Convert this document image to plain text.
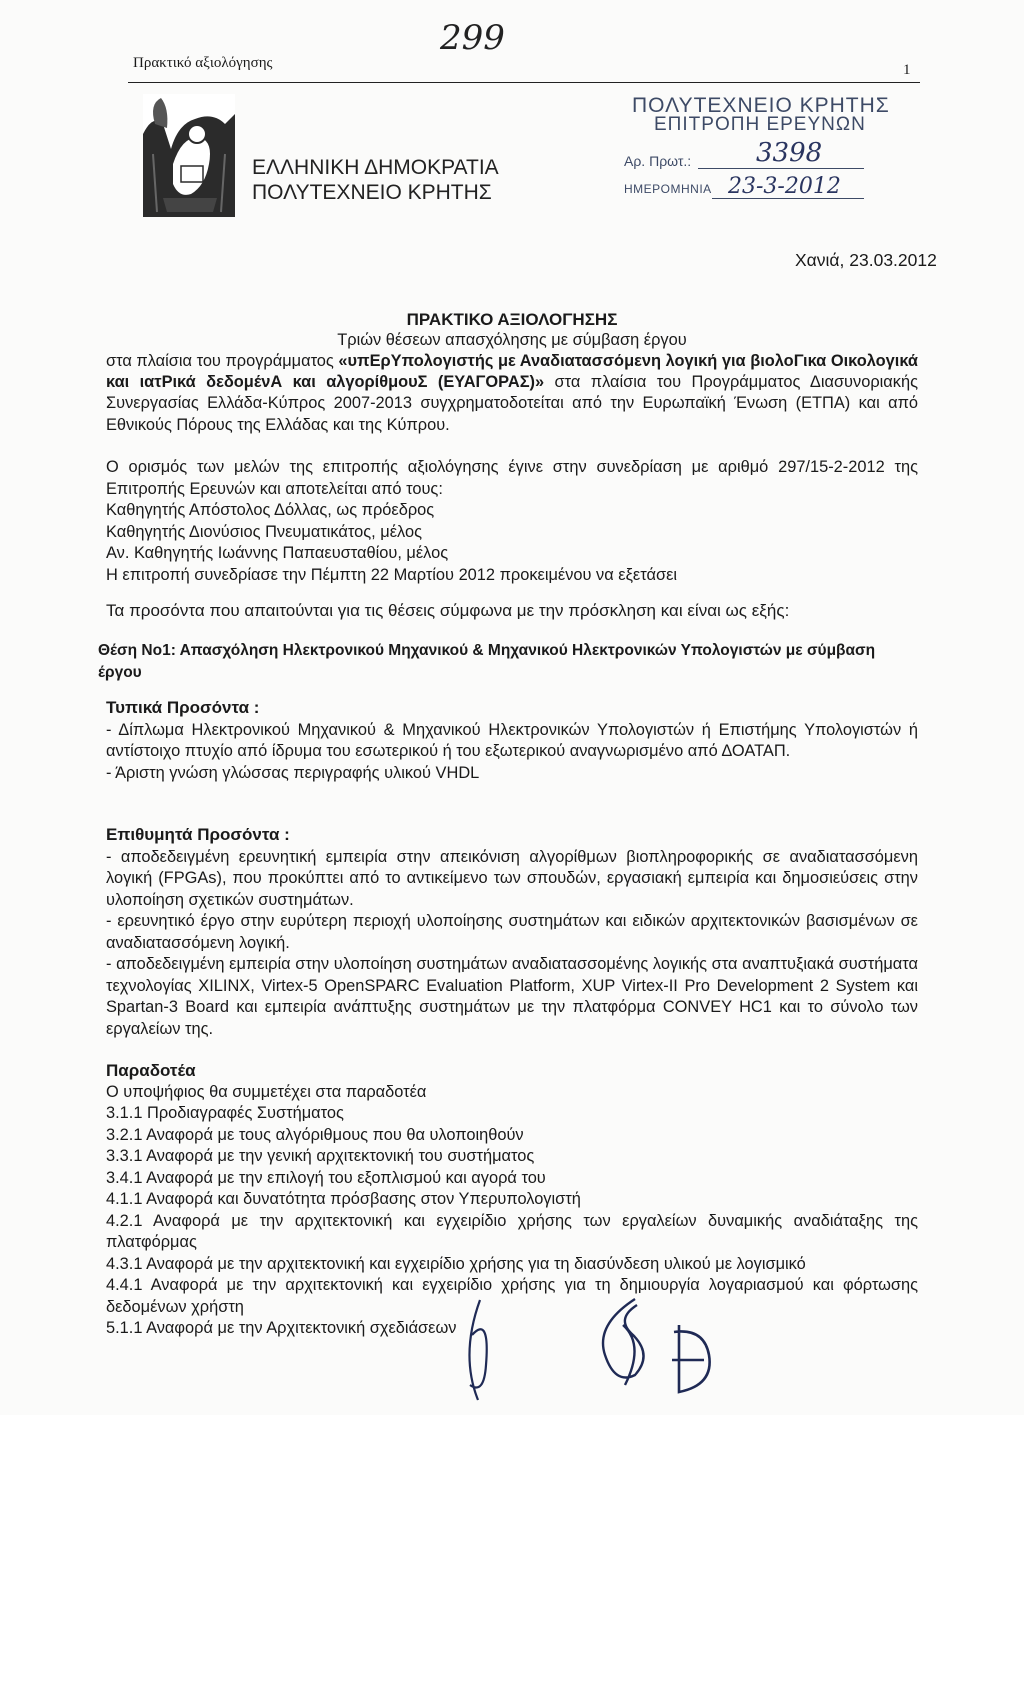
299
Πρακτικό αξιολόγησης	1
ΕΛΛΗΝΙΚΗ ΔΗΜΟΚΡΑΤΙΑ
ΠΟΛΥΤΕΧΝΕΙΟ ΚΡΗΤΗΣ
ΠΟΛΥΤΕΧΝΕΙΟ ΚΡΗΤΗΣ
ΕΠΙΤΡΟΠΗ ΕΡΕΥΝΩΝ
Αρ. Πρωτ.: 3398
ΗΜΕΡΟΜΗΝΙΑ 23-3-2012
Χανιά, 23.03.2012
ΠΡΑΚΤΙΚΟ ΑΞΙΟΛΟΓΗΣΗΣ
Τριών θέσεων απασχόλησης με σύμβαση έργου
στα πλαίσια του προγράμματος «υπΕρΥπολογιστής με Αναδιατασσόμενη λογική για βιολοΓικα Οικολογικά και ιατΡικά δεδομένΑ και αλγορίθμουΣ (ΕΥΑΓΟΡΑΣ)» στα πλαίσια του Προγράμματος Διασυνοριακής Συνεργασίας Ελλάδα-Κύπρος 2007-2013 συγχρηματοδοτείται από την Ευρωπαϊκή Ένωση (ΕΤΠΑ) και από Εθνικούς Πόρους της Ελλάδας και της Κύπρου.

Ο ορισμός των μελών της επιτροπής αξιολόγησης έγινε στην συνεδρίαση με αριθμό 297/15-2-2012 της Επιτροπής Ερευνών και αποτελείται από τους:

Καθηγητής Απόστολος Δόλλας, ως πρόεδρος

Καθηγητής Διονύσιος Πνευματικάτος, μέλος

Αν. Καθηγητής Ιωάννης Παπαευσταθίου, μέλος

Η επιτροπή συνεδρίασε την Πέμπτη 22 Μαρτίου 2012 προκειμένου να εξετάσει

Τα προσόντα που απαιτούνται για τις θέσεις σύμφωνα με την πρόσκληση και είναι ως εξής:
Θέση Νο1: Απασχόληση Ηλεκτρονικού Μηχανικού & Μηχανικού Ηλεκτρονικών Υπολογιστών με σύμβαση έργου

Τυπικά Προσόντα :

- Δίπλωμα Ηλεκτρονικού Μηχανικού & Μηχανικού Ηλεκτρονικών Υπολογιστών ή Επιστήμης Υπολογιστών ή αντίστοιχο πτυχίο από ίδρυμα του εσωτερικού ή του εξωτερικού αναγνωρισμένο από ΔΟΑΤΑΠ.

- Άριστη γνώση γλώσσας περιγραφής υλικού VHDL

Επιθυμητά Προσόντα :

- αποδεδειγμένη ερευνητική εμπειρία στην απεικόνιση αλγορίθμων βιοπληροφορικής σε αναδιατασσόμενη λογική (FPGAs), που προκύπτει από το αντικείμενο των σπουδών, εργασιακή εμπειρία και δημοσιεύσεις στην υλοποίηση σχετικών συστημάτων.

- ερευνητικό έργο στην ευρύτερη περιοχή υλοποίησης συστημάτων και ειδικών αρχιτεκτονικών βασισμένων σε αναδιατασσόμενη λογική.

- αποδεδειγμένη εμπειρία στην υλοποίηση συστημάτων αναδιατασσομένης λογικής στα αναπτυξιακά συστήματα τεχνολογίας XILINX, Virtex-5 OpenSPARC Evaluation Platform, XUP Virtex-II Pro Development 2 System και Spartan-3 Board και εμπειρία ανάπτυξης συστημάτων με την πλατφόρμα CONVEY HC1 και το σύνολο των εργαλείων της.

Παραδοτέα

Ο υποψήφιος θα συμμετέχει στα παραδοτέα

3.1.1 Προδιαγραφές Συστήματος

3.2.1 Αναφορά με τους αλγόριθμους που θα υλοποιηθούν

3.3.1 Αναφορά με την γενική αρχιτεκτονική του συστήματος

3.4.1 Αναφορά με την επιλογή του εξοπλισμού και αγορά του

4.1.1 Αναφορά και δυνατότητα πρόσβασης στον Υπερυπολογιστή

4.2.1 Αναφορά με την αρχιτεκτονική και εγχειρίδιο χρήσης των εργαλείων δυναμικής αναδιάταξης της πλατφόρμας

4.3.1 Αναφορά με την αρχιτεκτονική και εγχειρίδιο χρήσης για τη διασύνδεση υλικού με λογισμικό

4.4.1 Αναφορά με την αρχιτεκτονική και εγχειρίδιο χρήσης για τη δημιουργία λογαριασμού και φόρτωσης δεδομένων χρήστη

5.1.1 Αναφορά με την Αρχιτεκτονική σχεδιάσεων
